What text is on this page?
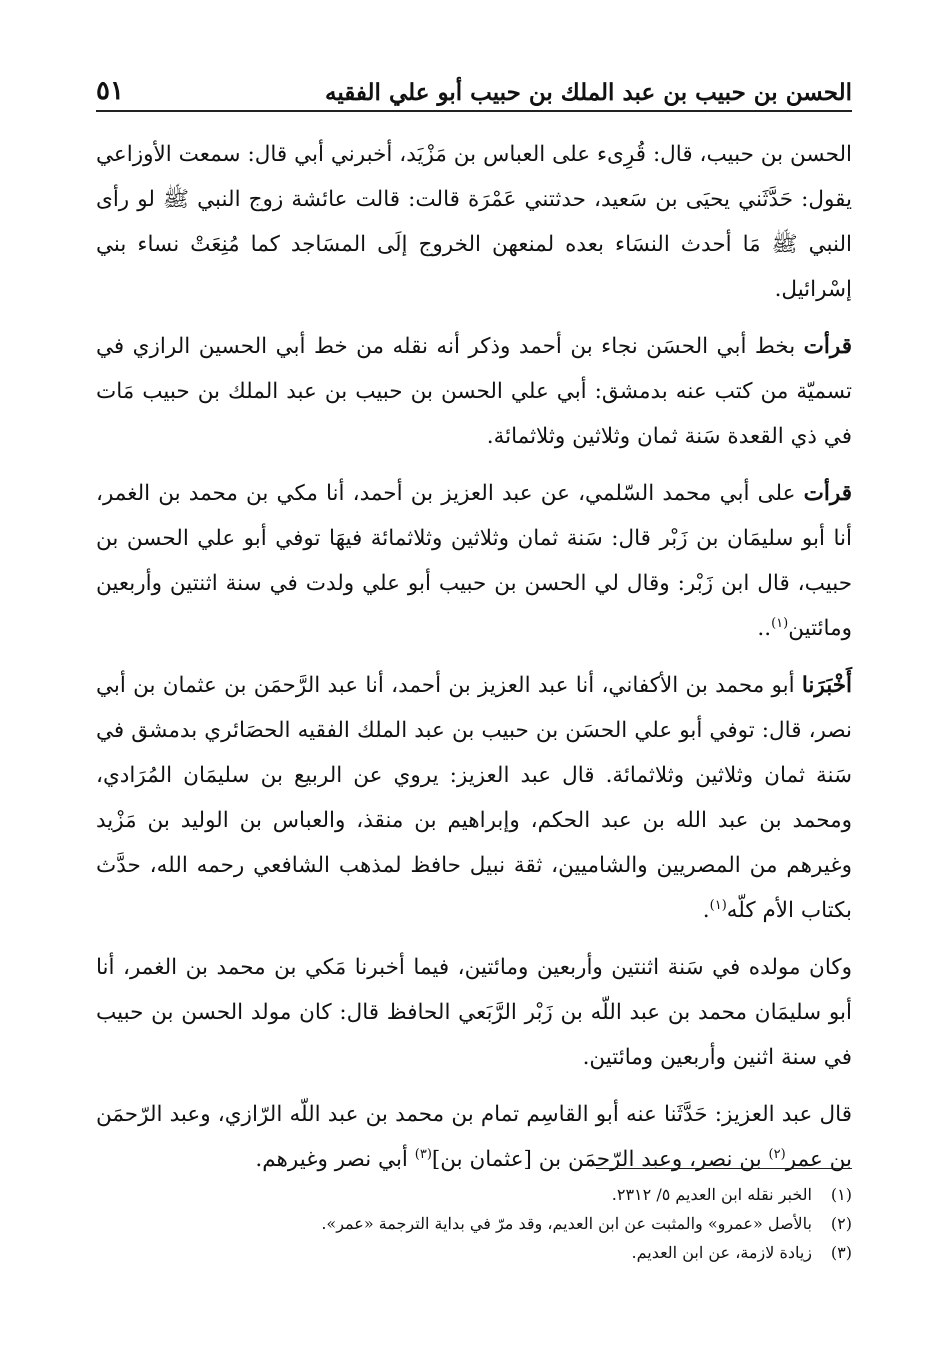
الحسن بن حبيب بن عبد الملك بن حبيب أبو علي الفقيه
٥١

الحسن بن حبيب، قال: قُرِىء على العباس بن مَزْيَد، أخبرني أبي قال: سمعت الأوزاعي يقول: حَدَّثَني يحيَى بن سَعيد، حدثتني عَمْرَة قالت: قالت عائشة زوج النبي ﷺ لو رأى النبي ﷺ مَا أحدث النسَاء بعده لمنعهن الخروج إلَى المسَاجد كما مُنِعَتْ نساء بني إسْرائيل.

قرأت بخط أبي الحسَن نجاء بن أحمد وذكر أنه نقله من خط أبي الحسين الرازي في تسميّة من كتب عنه بدمشق: أبي علي الحسن بن حبيب بن عبد الملك بن حبيب مَات في ذي القعدة سَنة ثمان وثلاثين وثلاثمائة.

قرأت على أبي محمد السّلمي، عن عبد العزيز بن أحمد، أنا مكي بن محمد بن الغمر، أنا أبو سليمَان بن زَبْر قال: سَنة ثمان وثلاثين وثلاثمائة فيهَا توفي أبو علي الحسن بن حبيب، قال ابن زَبْر: وقال لي الحسن بن حبيب أبو علي ولدت في سنة اثنتين وأربعين ومائتين$^{(١)}$..

أَخْبَرَنا أبو محمد بن الأكفاني، أنا عبد العزيز بن أحمد، أنا عبد الرَّحمَن بن عثمان بن أبي نصر، قال: توفي أبو علي الحسَن بن حبيب بن عبد الملك الفقيه الحصَائري بدمشق في سَنة ثمان وثلاثين وثلاثمائة. قال عبد العزيز: يروي عن الربيع بن سليمَان المُرَادي، ومحمد بن عبد الله بن عبد الحكم، وإبراهيم بن منقذ، والعباس بن الوليد بن مَزْيد وغيرهم من المصريين والشاميين، ثقة نبيل حافظ لمذهب الشافعي رحمه الله، حدَّث بكتاب الأم كلّه$^{(١)}$.

وكان مولده في سَنة اثنتين وأربعين ومائتين، فيما أخبرنا مَكي بن محمد بن الغمر، أنا أبو سليمَان محمد بن عبد اللّه بن زَبْر الرَّبَعي الحافظ قال: كان مولد الحسن بن حبيب في سنة اثنين وأربعين ومائتين.

قال عبد العزيز: حَدَّثَنا عنه أبو القاسِم تمام بن محمد بن عبد اللّه الرّازي، وعبد الرّحمَن بن عمر$^{(٢)}$ بن نصر، وعبد الرّحمَن بن [عثمان بن]$^{(٣)}$ أبي نصر وغيرهم.

(١)
الخبر نقله ابن العديم ٥/ ٢٣١٢.
(٢)
بالأصل «عمرو» والمثبت عن ابن العديم، وقد مرّ في بداية الترجمة «عمر».
(٣)
زيادة لازمة، عن ابن العديم.
